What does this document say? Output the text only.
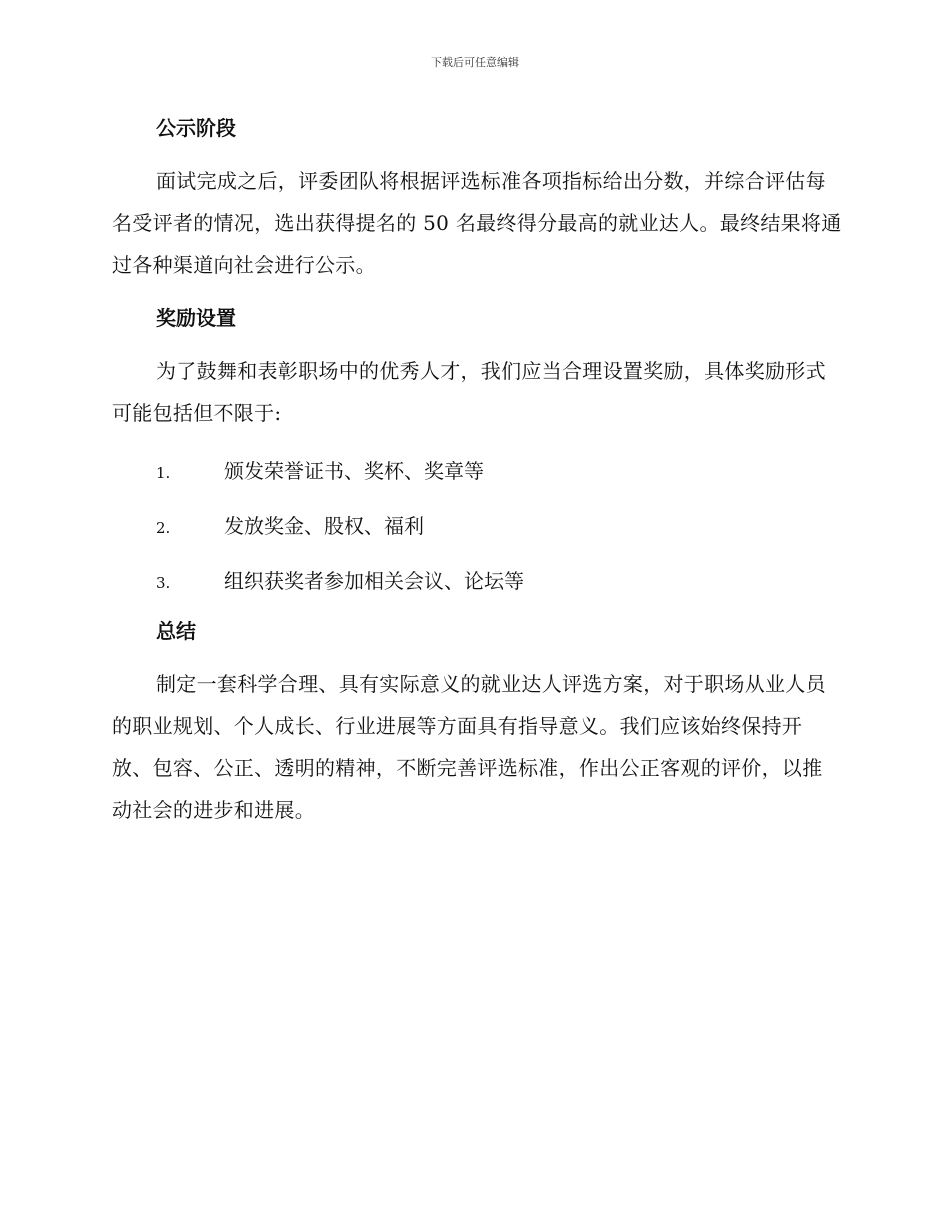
下载后可任意编辑
公示阶段

面试完成之后，评委团队将根据评选标准各项指标给出分数，并综合评估每名受评者的情况，选出获得提名的 50 名最终得分最高的就业达人。最终结果将通过各种渠道向社会进行公示。

奖励设置

为了鼓舞和表彰职场中的优秀人才，我们应当合理设置奖励，具体奖励形式可能包括但不限于:

1.	颁发荣誉证书、奖杯、奖章等
2.	发放奖金、股权、福利
3.	组织获奖者参加相关会议、论坛等
总结

制定一套科学合理、具有实际意义的就业达人评选方案，对于职场从业人员的职业规划、个人成长、行业进展等方面具有指导意义。我们应该始终保持开放、包容、公正、透明的精神，不断完善评选标准，作出公正客观的评价，以推动社会的进步和进展。
